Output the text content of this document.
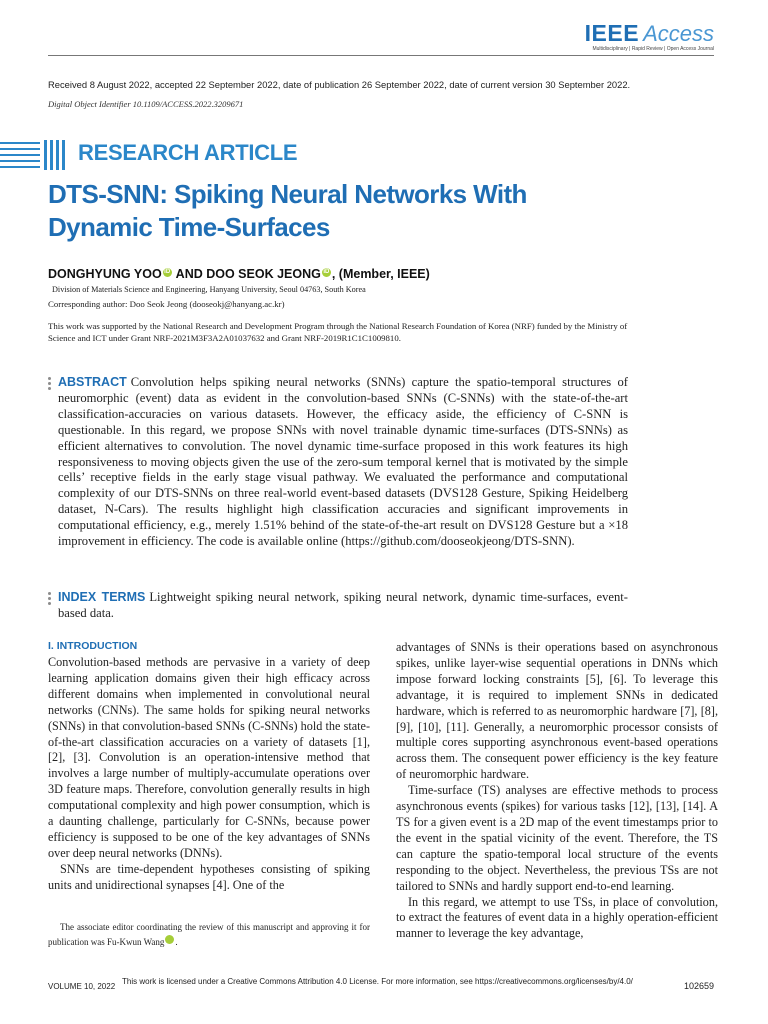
IEEE Access
Multidisciplinary | Rapid Review | Open Access Journal
Received 8 August 2022, accepted 22 September 2022, date of publication 26 September 2022, date of current version 30 September 2022.
Digital Object Identifier 10.1109/ACCESS.2022.3209671
RESEARCH ARTICLE
DTS-SNN: Spiking Neural Networks With Dynamic Time-Surfaces
DONGHYUNG YOO iD AND DOO SEOK JEONG iD , (Member, IEEE)
Division of Materials Science and Engineering, Hanyang University, Seoul 04763, South Korea
Corresponding author: Doo Seok Jeong (dooseokj@hanyang.ac.kr)
This work was supported by the National Research and Development Program through the National Research Foundation of Korea (NRF) funded by the Ministry of Science and ICT under Grant NRF-2021M3F3A2A01037632 and Grant NRF-2019R1C1C1009810.
ABSTRACT Convolution helps spiking neural networks (SNNs) capture the spatio-temporal structures of neuromorphic (event) data as evident in the convolution-based SNNs (C-SNNs) with the state-of-the-art classification-accuracies on various datasets. However, the efficacy aside, the efficiency of C-SNN is questionable. In this regard, we propose SNNs with novel trainable dynamic time-surfaces (DTS-SNNs) as efficient alternatives to convolution. The novel dynamic time-surface proposed in this work features its high responsiveness to moving objects given the use of the zero-sum temporal kernel that is motivated by the simple cells’ receptive fields in the early stage visual pathway. We evaluated the performance and computational complexity of our DTS-SNNs on three real-world event-based datasets (DVS128 Gesture, Spiking Heidelberg dataset, N-Cars). The results highlight high classification accuracies and significant improvements in computational efficiency, e.g., merely 1.51% behind of the state-of-the-art result on DVS128 Gesture but a ×18 improvement in efficiency. The code is available online (https://github.com/dooseokjeong/DTS-SNN).
INDEX TERMS Lightweight spiking neural network, spiking neural network, dynamic time-surfaces, event-based data.
I. INTRODUCTION

Convolution-based methods are pervasive in a variety of deep learning application domains given their high efficacy across different domains when implemented in convolutional neural networks (CNNs). The same holds for spiking neural networks (SNNs) in that convolution-based SNNs (C-SNNs) hold the state-of-the-art classification accuracies on a variety of datasets [1], [2], [3]. Convolution is an operation-intensive method that involves a large number of multiply-accumulate operations over 3D feature maps. Therefore, convolution generally results in high computational complexity and high power consumption, which is a daunting challenge, particularly for C-SNNs, because power efficiency is supposed to be one of the key advantages of SNNs over deep neural networks (DNNs).

SNNs are time-dependent hypotheses consisting of spiking units and unidirectional synapses [4]. One of the

The associate editor coordinating the review of this manuscript and approving it for publication was Fu-Kwun Wang iD.

advantages of SNNs is their operations based on asynchronous spikes, unlike layer-wise sequential operations in DNNs which impose forward locking constraints [5], [6]. To leverage this advantage, it is required to implement SNNs in dedicated hardware, which is referred to as neuromorphic hardware [7], [8], [9], [10], [11]. Generally, a neuromorphic processor consists of multiple cores supporting asynchronous event-based operations across them. The consequent power efficiency is the key feature of neuromorphic hardware.

Time-surface (TS) analyses are effective methods to process asynchronous events (spikes) for various tasks [12], [13], [14]. A TS for a given event is a 2D map of the event timestamps prior to the event in the spatial vicinity of the event. Therefore, the TS can capture the spatio-temporal local structure of the events responding to the object. Nevertheless, the previous TSs are not tailored to SNNs and hardly support end-to-end learning.

In this regard, we attempt to use TSs, in place of convolution, to extract the features of event data in a highly operation-efficient manner to leverage the key advantage,

VOLUME 10, 2022
This work is licensed under a Creative Commons Attribution 4.0 License. For more information, see https://creativecommons.org/licenses/by/4.0/	102659
